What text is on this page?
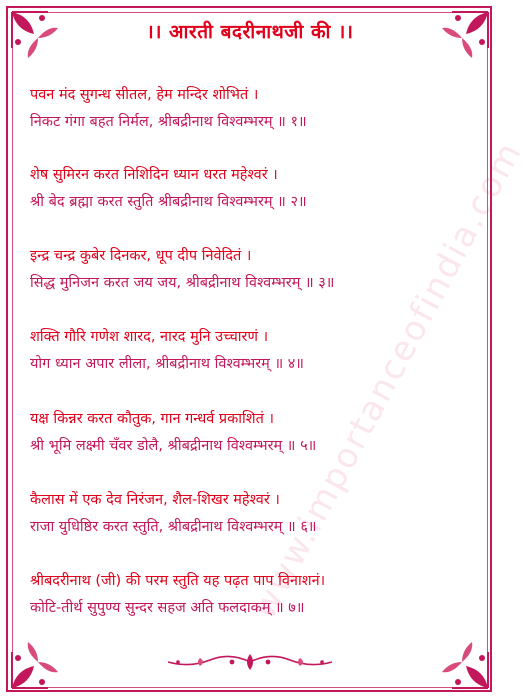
www.importanceofindia.com
।। आरती बदरीनाथजी की ।।
पवन मंद सुगन्ध सीतल, हेम मन्दिर शोभितं ।
निकट गंगा बहत निर्मल, श्रीबद्रीनाथ विश्वम्भरम् ॥ १॥
शेष सुमिरन करत निशिदिन ध्यान धरत महेश्वरं ।
श्री बेद ब्रह्मा करत स्तुति श्रीबद्रीनाथ विश्वम्भरम् ॥ २॥
इन्द्र चन्द्र कुबेर दिनकर, धूप दीप निवेदितं ।
सिद्ध मुनिजन करत जय जय, श्रीबद्रीनाथ विश्वम्भरम् ॥ ३॥
शक्ति गौरि गणेश शारद, नारद मुनि उच्चारणं ।
योग ध्यान अपार लीला, श्रीबद्रीनाथ विश्वम्भरम् ॥ ४॥
यक्ष किन्नर करत कौतुक, गान गन्धर्व प्रकाशितं ।
श्री भूमि लक्ष्मी चँवर डोलै, श्रीबद्रीनाथ विश्वम्भरम् ॥ ५॥
कैलास में एक देव निरंजन, शैल-शिखर महेश्वरं ।
राजा युधिष्ठिर करत स्तुति, श्रीबद्रीनाथ विश्वम्भरम् ॥ ६॥
श्रीबदरीनाथ (जी) की परम स्तुति यह पढ़त पाप विनाशनं।
कोटि-तीर्थ सुपुण्य सुन्दर सहज अति फलदाकम् ॥ ७॥
